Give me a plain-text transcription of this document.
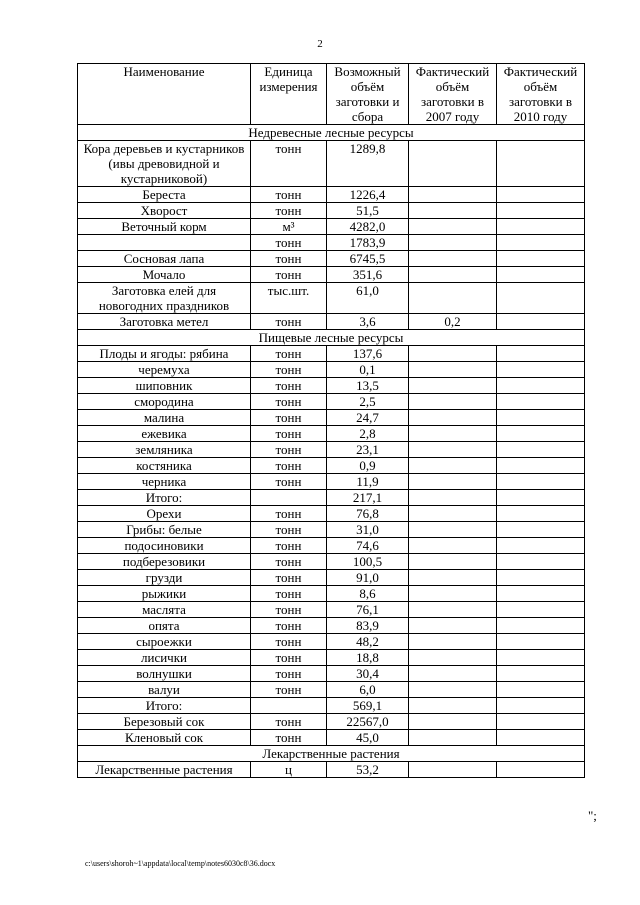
2
Наименование	Единица измерения	Возможный объём заготовки и сбора	Фактический объём заготовки в 2007 году	Фактический объём заготовки в 2010 году
Недревесные лесные ресурсы				
Кора деревьев и кустарников (ивы древовидной и кустарниковой)	тонн	1289,8		
Береста	тонн	1226,4		
Хворост	тонн	51,5		
Веточный корм	м³	4282,0		
	тонн	1783,9		
Сосновая лапа	тонн	6745,5		
Мочало	тонн	351,6		
Заготовка елей для новогодних праздников	тыс.шт.	61,0		
Заготовка метел	тонн	3,6	0,2	
Пищевые лесные ресурсы				
Плоды и ягоды: рябина	тонн	137,6		
черемуха	тонн	0,1		
шиповник	тонн	13,5		
смородина	тонн	2,5		
малина	тонн	24,7		
ежевика	тонн	2,8		
земляника	тонн	23,1		
костяника	тонн	0,9		
черника	тонн	11,9		
Итого:		217,1		
Орехи	тонн	76,8		
Грибы: белые	тонн	31,0		
подосиновики	тонн	74,6		
подберезовики	тонн	100,5		
грузди	тонн	91,0		
рыжики	тонн	8,6		
маслята	тонн	76,1		
опята	тонн	83,9		
сыроежки	тонн	48,2		
лисички	тонн	18,8		
волнушки	тонн	30,4		
валуи	тонн	6,0		
Итого:		569,1		
Березовый сок	тонн	22567,0		
Кленовый сок	тонн	45,0		
Лекарственные растения				
Лекарственные растения	ц	53,2		
";
c:\users\shoroh~1\appdata\local\temp\notes6030c8\36.docx
